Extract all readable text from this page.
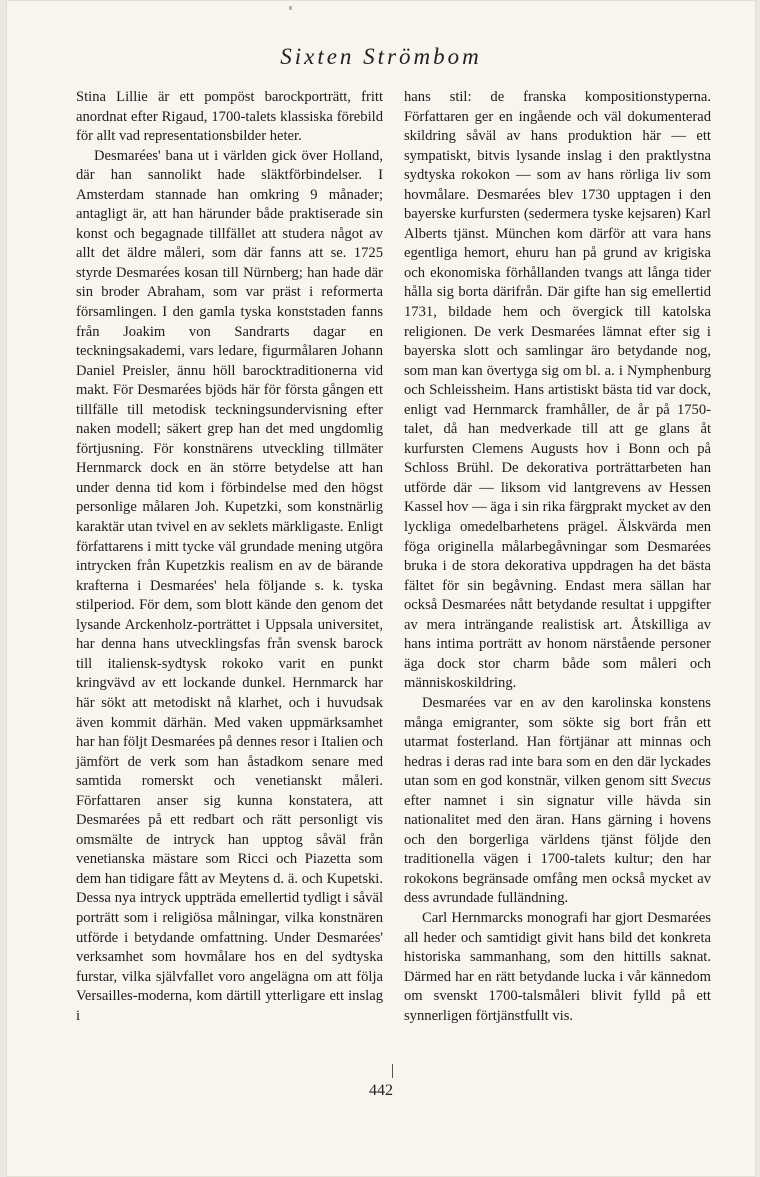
Sixten Strömbom

Stina Lillie är ett pompöst barockporträtt, fritt anordnat efter Rigaud, 1700-talets klassiska förebild för allt vad representationsbilder heter.

Desmarées' bana ut i världen gick över Holland, där han sannolikt hade släktförbindelser. I Amsterdam stannade han omkring 9 månader; antagligt är, att han härunder både praktiserade sin konst och begagnade tillfället att studera något av allt det äldre måleri, som där fanns att se. 1725 styrde Desmarées kosan till Nürnberg; han hade där sin broder Abraham, som var präst i reformerta församlingen. I den gamla tyska konststaden fanns från Joakim von Sandrarts dagar en teckningsakademi, vars ledare, figurmålaren Johann Daniel Preisler, ännu höll barocktraditionerna vid makt. För Desmarées bjöds här för första gången ett tillfälle till metodisk teckningsundervisning efter naken modell; säkert grep han det med ungdomlig förtjusning. För konstnärens utveckling tillmäter Hernmarck dock en än större betydelse att han under denna tid kom i förbindelse med den högst personlige målaren Joh. Kupetzki, som konstnärlig karaktär utan tvivel en av seklets märkligaste. Enligt författarens i mitt tycke väl grundade mening utgöra intrycken från Kupetzkis realism en av de bärande krafterna i Desmarées' hela följande s. k. tyska stilperiod. För dem, som blott kände den genom det lysande Arckenholz-porträttet i Uppsala universitet, har denna hans utvecklingsfas från svensk barock till italiensk-sydtysk rokoko varit en punkt kringvävd av ett lockande dunkel. Hernmarck har här sökt att metodiskt nå klarhet, och i huvudsak även kommit därhän. Med vaken uppmärksamhet har han följt Desmarées på dennes resor i Italien och jämfört de verk som han åstadkom senare med samtida romerskt och venetianskt måleri. Författaren anser sig kunna konstatera, att Desmarées på ett redbart och rätt personligt vis omsmälte de intryck han upptog såväl från venetianska mästare som Ricci och Piazetta som dem han tidigare fått av Meytens d. ä. och Kupetski. Dessa nya intryck uppträda emellertid tydligt i såväl porträtt som i religiösa målningar, vilka konstnären utförde i betydande omfattning. Under Desmarées' verksamhet som hovmålare hos en del sydtyska furstar, vilka självfallet voro angelägna om att följa Versailles-moderna, kom därtill ytterligare ett inslag i

hans stil: de franska kompositionstyperna. Författaren ger en ingående och väl dokumenterad skildring såväl av hans produktion här — ett sympatiskt, bitvis lysande inslag i den praktlystna sydtyska rokokon — som av hans rörliga liv som hovmålare. Desmarées blev 1730 upptagen i den bayerske kurfursten (sedermera tyske kejsaren) Karl Alberts tjänst. München kom därför att vara hans egentliga hemort, ehuru han på grund av krigiska och ekonomiska förhållanden tvangs att långa tider hålla sig borta därifrån. Där gifte han sig emellertid 1731, bildade hem och övergick till katolska religionen. De verk Desmarées lämnat efter sig i bayerska slott och samlingar äro betydande nog, som man kan övertyga sig om bl. a. i Nymphenburg och Schleissheim. Hans artistiskt bästa tid var dock, enligt vad Hernmarck framhåller, de år på 1750-talet, då han medverkade till att ge glans åt kurfursten Clemens Augusts hov i Bonn och på Schloss Brühl. De dekorativa porträttarbeten han utförde där — liksom vid lantgrevens av Hessen Kassel hov — äga i sin rika färgprakt mycket av den lyckliga omedelbarhetens prägel. Älskvärda men föga originella målarbegåvningar som Desmarées bruka i de stora dekorativa uppdragen ha det bästa fältet för sin begåvning. Endast mera sällan har också Desmarées nått betydande resultat i uppgifter av mera inträngande realistisk art. Åtskilliga av hans intima porträtt av honom närstående personer äga dock stor charm både som måleri och människoskildring.

Desmarées var en av den karolinska konstens många emigranter, som sökte sig bort från ett utarmat fosterland. Han förtjänar att minnas och hedras i deras rad inte bara som en den där lyckades utan som en god konstnär, vilken genom sitt Svecus efter namnet i sin signatur ville hävda sin nationalitet med den äran. Hans gärning i hovens och den borgerliga världens tjänst följde den traditionella vägen i 1700-talets kultur; den har rokokons begränsade omfång men också mycket av dess avrundade fulländning.

Carl Hernmarcks monografi har gjort Desmarées all heder och samtidigt givit hans bild det konkreta historiska sammanhang, som den hittills saknat. Därmed har en rätt betydande lucka i vår kännedom om svenskt 1700-talsmåleri blivit fylld på ett synnerligen förtjänstfullt vis.

442
